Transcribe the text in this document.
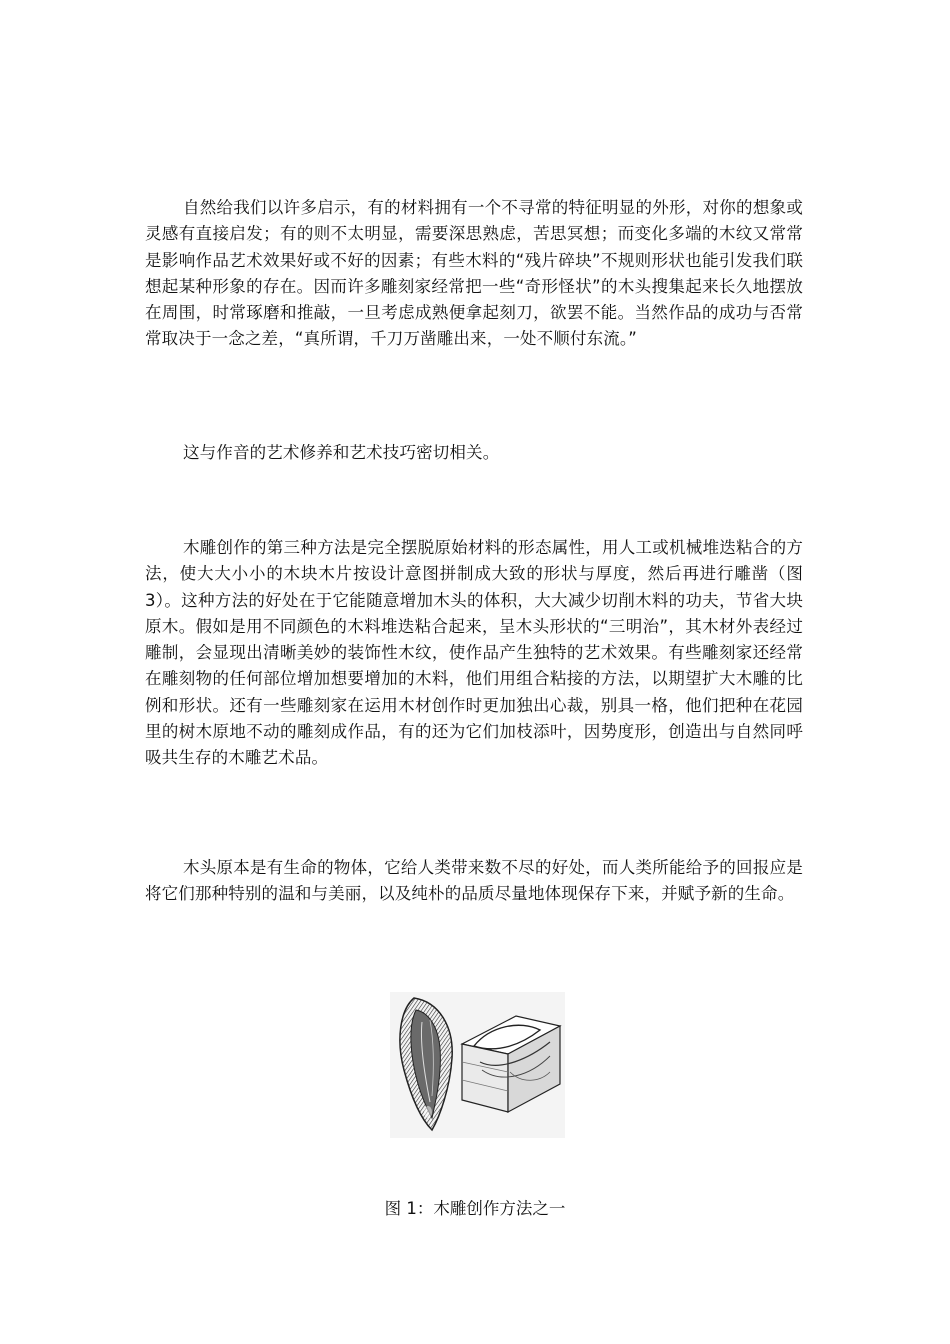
自然给我们以许多启示，有的材料拥有一个不寻常的特征明显的外形，对你的想象或灵感有直接启发；有的则不太明显，需要深思熟虑，苦思冥想；而变化多端的木纹又常常是影响作品艺术效果好或不好的因素；有些木料的“残片碎块”不规则形状也能引发我们联想起某种形象的存在。因而许多雕刻家经常把一些“奇形怪状”的木头搜集起来长久地摆放在周围，时常琢磨和推敲，一旦考虑成熟便拿起刻刀，欲罢不能。当然作品的成功与否常常取决于一念之差，“真所谓，千刀万凿雕出来，一处不顺付东流。”
这与作音的艺术修养和艺术技巧密切相关。
木雕创作的第三种方法是完全摆脱原始材料的形态属性，用人工或机械堆迭粘合的方法，使大大小小的木块木片按设计意图拼制成大致的形状与厚度，然后再进行雕凿（图3）。这种方法的好处在于它能随意增加木头的体积，大大减少切削木料的功夫，节省大块原木。假如是用不同颜色的木料堆迭粘合起来，呈木头形状的“三明治”，其木材外表经过雕制，会显现出清晰美妙的装饰性木纹，使作品产生独特的艺术效果。有些雕刻家还经常在雕刻物的任何部位增加想要增加的木料，他们用组合粘接的方法，以期望扩大木雕的比例和形状。还有一些雕刻家在运用木材创作时更加独出心裁，别具一格，他们把种在花园里的树木原地不动的雕刻成作品，有的还为它们加枝添叶，因势度形，创造出与自然同呼吸共生存的木雕艺术品。
木头原本是有生命的物体，它给人类带来数不尽的好处，而人类所能给予的回报应是将它们那种特别的温和与美丽，以及纯朴的品质尽量地体现保存下来，并赋予新的生命。
图 1：木雕创作方法之一
